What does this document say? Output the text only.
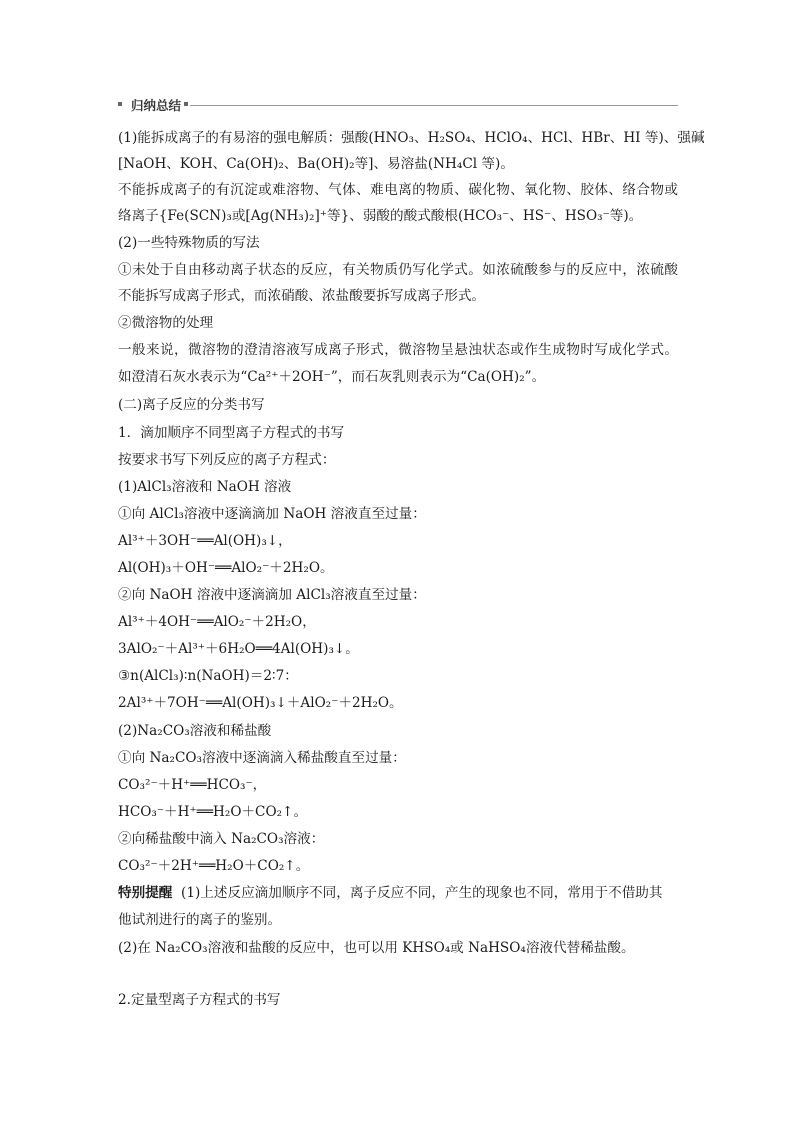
归纳总结
(1)能拆成离子的有易溶的强电解质：强酸(HNO₃、H₂SO₄、HClO₄、HCl、HBr、HI 等)、强碱
[NaOH、KOH、Ca(OH)₂、Ba(OH)₂等]、易溶盐(NH₄Cl 等)。
不能拆成离子的有沉淀或难溶物、气体、难电离的物质、碳化物、氧化物、胶体、络合物或
络离子{Fe(SCN)₃或[Ag(NH₃)₂]⁺等}、弱酸的酸式酸根(HCO₃⁻、HS⁻、HSO₃⁻等)。
(2)一些特殊物质的写法
①未处于自由移动离子状态的反应，有关物质仍写化学式。如浓硫酸参与的反应中，浓硫酸
不能拆写成离子形式，而浓硝酸、浓盐酸要拆写成离子形式。
②微溶物的处理
一般来说，微溶物的澄清溶液写成离子形式，微溶物呈悬浊状态或作生成物时写成化学式。
如澄清石灰水表示为“Ca²⁺＋2OH⁻”，而石灰乳则表示为“Ca(OH)₂”。
(二)离子反应的分类书写
1．滴加顺序不同型离子方程式的书写
按要求书写下列反应的离子方程式：
(1)AlCl₃溶液和 NaOH 溶液
①向 AlCl₃溶液中逐滴滴加 NaOH 溶液直至过量：
Al³⁺＋3OH⁻══Al(OH)₃↓，
Al(OH)₃＋OH⁻══AlO₂⁻＋2H₂O。
②向 NaOH 溶液中逐滴滴加 AlCl₃溶液直至过量：
Al³⁺＋4OH⁻══AlO₂⁻＋2H₂O，
3AlO₂⁻＋Al³⁺＋6H₂O══4Al(OH)₃↓。
③n(AlCl₃)∶n(NaOH)＝2∶7：
2Al³⁺＋7OH⁻══Al(OH)₃↓＋AlO₂⁻＋2H₂O。
(2)Na₂CO₃溶液和稀盐酸
①向 Na₂CO₃溶液中逐滴滴入稀盐酸直至过量：
CO₃²⁻＋H⁺══HCO₃⁻，
HCO₃⁻＋H⁺══H₂O＋CO₂↑。
②向稀盐酸中滴入 Na₂CO₃溶液：
CO₃²⁻＋2H⁺══H₂O＋CO₂↑。
特别提醒 (1)上述反应滴加顺序不同，离子反应不同，产生的现象也不同，常用于不借助其
他试剂进行的离子的鉴别。
(2)在 Na₂CO₃溶液和盐酸的反应中，也可以用 KHSO₄或 NaHSO₄溶液代替稀盐酸。
2.定量型离子方程式的书写
